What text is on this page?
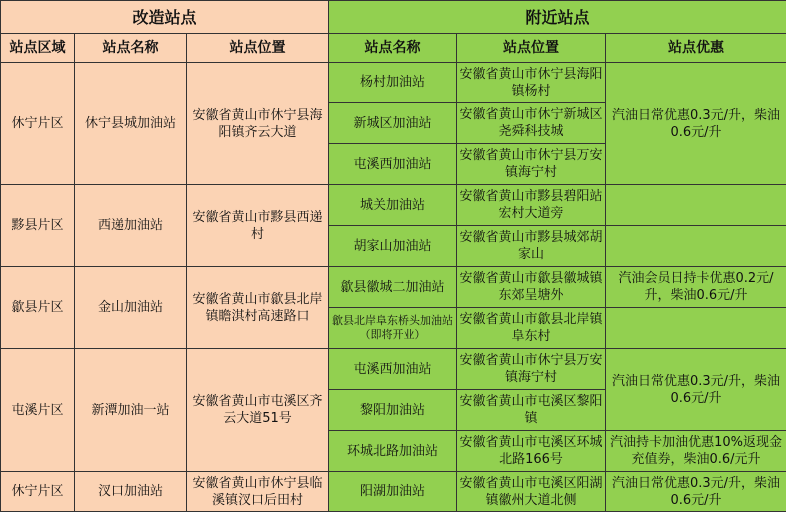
改造站点			附近站点		
站点区域	站点名称	站点位置	站点名称	站点位置	站点优惠
休宁片区	休宁县城加油站	安徽省黄山市休宁县海阳镇齐云大道	杨村加油站	安徽省黄山市休宁县海阳镇杨村	汽油日常优惠0.3元/升，柴油0.6元/升
			新城区加油站	安徽省黄山市休宁新城区尧舜科技城	
			屯溪西加油站	安徽省黄山市休宁县万安镇海宁村	
黟县片区	西递加油站	安徽省黄山市黟县西递村	城关加油站	安徽省黄山市黟县碧阳站宏村大道旁	
			胡家山加油站	安徽省黄山市黟县城郊胡家山	
歙县片区	金山加油站	安徽省黄山市歙县北岸镇瞻淇村高速路口	歙县徽城二加油站	安徽省黄山市歙县徽城镇东郊呈塘外	汽油会员日持卡优惠0.2元/升，柴油0.6元/升
			歙县北岸阜东桥头加油站（即将开业）	安徽省黄山市歙县北岸镇阜东村	
屯溪片区	新潭加油一站	安徽省黄山市屯溪区齐云大道51号	屯溪西加油站	安徽省黄山市休宁县万安镇海宁村	汽油日常优惠0.3元/升，柴油0.6元/升
			黎阳加油站	安徽省黄山市屯溪区黎阳镇	
			环城北路加油站	安徽省黄山市屯溪区环城北路166号	汽油持卡加油优惠10%返现金充值券，柴油0.6/元升
休宁片区	汊口加油站	安徽省黄山市休宁县临溪镇汊口后田村	阳湖加油站	安徽省黄山市屯溪区阳湖镇徽州大道北侧	汽油日常优惠0.3元/升，柴油0.6元/升
